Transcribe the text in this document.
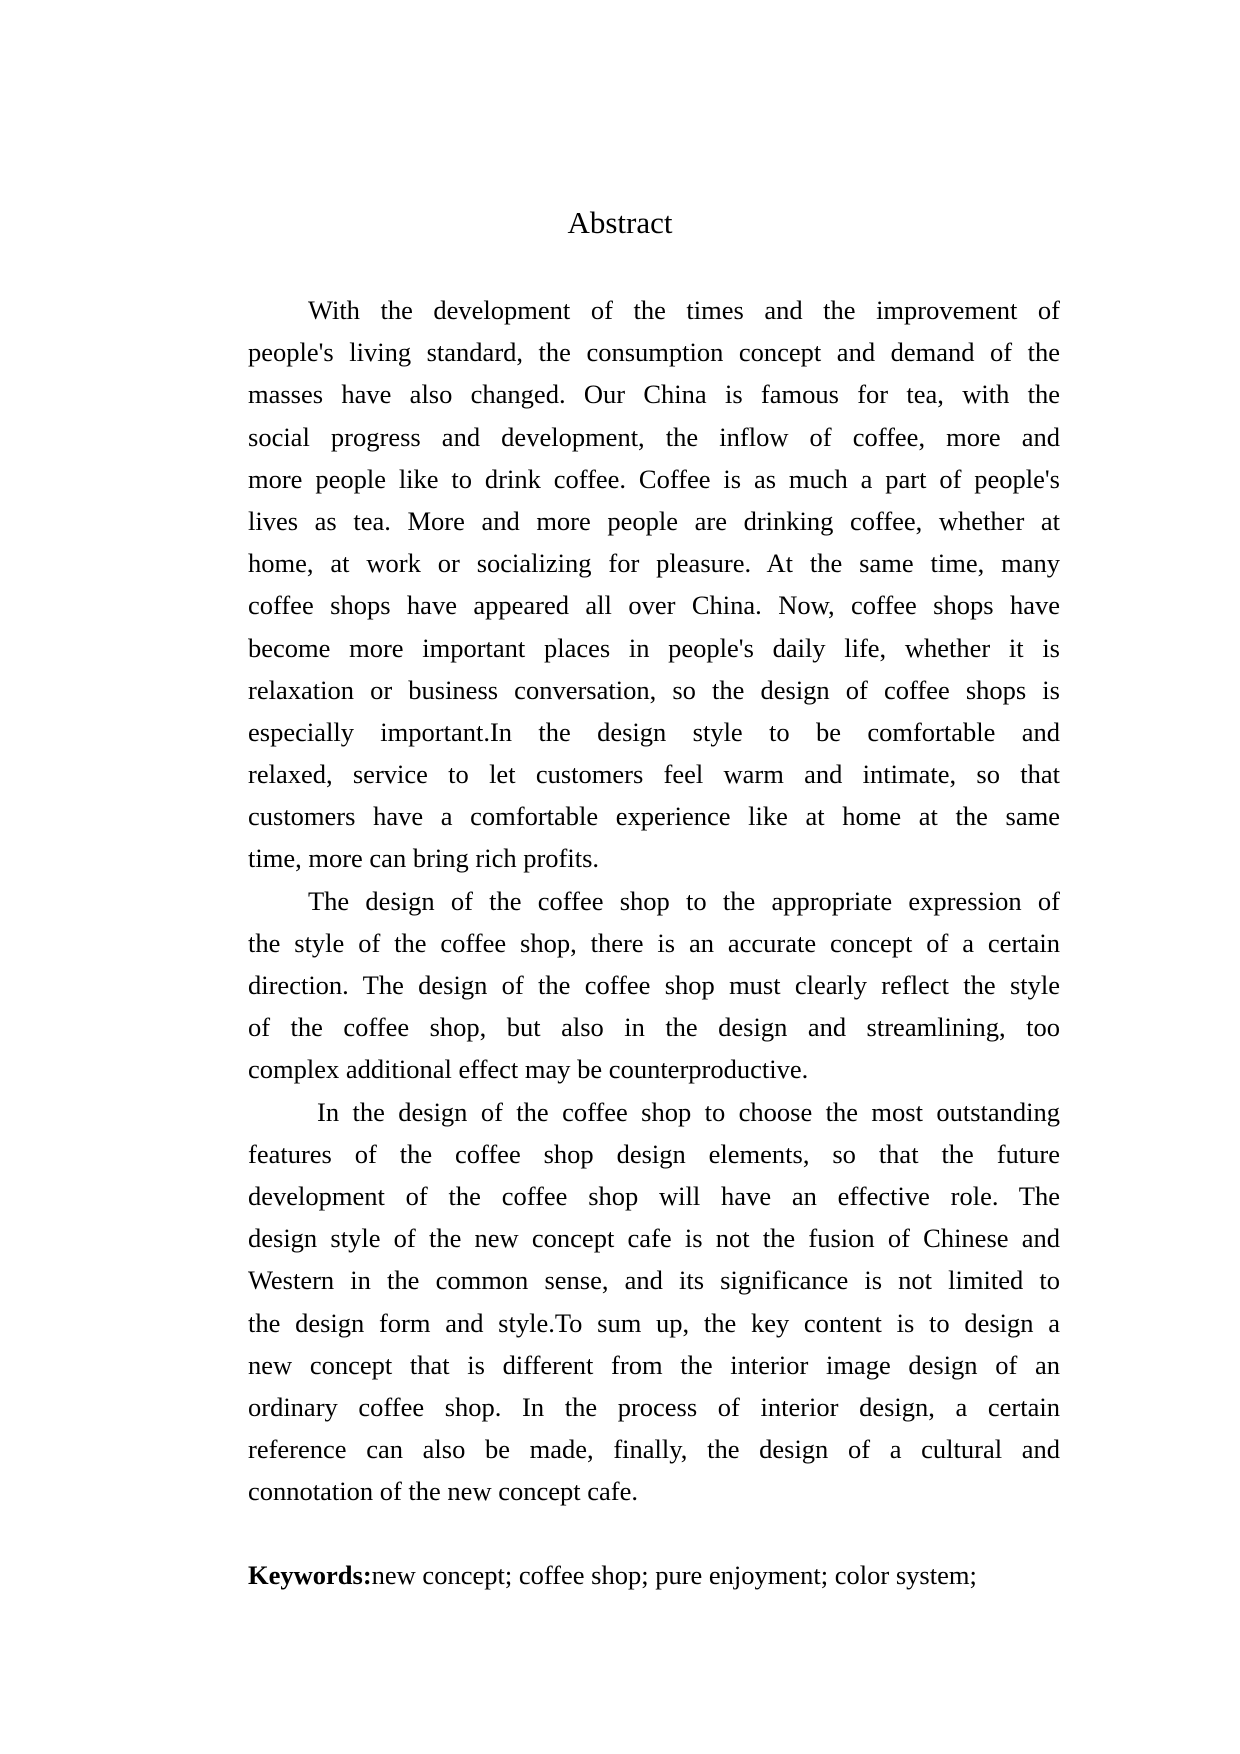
Abstract
With the development of the times and the improvement of
people's living standard, the consumption concept and demand of the
masses have also changed. Our China is famous for tea, with the
social progress and development, the inflow of coffee, more and
more people like to drink coffee. Coffee is as much a part of people's
lives as tea. More and more people are drinking coffee, whether at
home, at work or socializing for pleasure. At the same time, many
coffee shops have appeared all over China. Now, coffee shops have
become more important places in people's daily life, whether it is
relaxation or business conversation, so the design of coffee shops is
especially important.In the design style to be comfortable and
relaxed, service to let customers feel warm and intimate, so that
customers have a comfortable experience like at home at the same
time, more can bring rich profits.
The design of the coffee shop to the appropriate expression of
the style of the coffee shop, there is an accurate concept of a certain
direction. The design of the coffee shop must clearly reflect the style
of the coffee shop, but also in the design and streamlining, too
complex additional effect may be counterproductive.
In the design of the coffee shop to choose the most outstanding
features of the coffee shop design elements, so that the future
development of the coffee shop will have an effective role. The
design style of the new concept cafe is not the fusion of Chinese and
Western in the common sense, and its significance is not limited to
the design form and style.To sum up, the key content is to design a
new concept that is different from the interior image design of an
ordinary coffee shop. In the process of interior design, a certain
reference can also be made, finally, the design of a cultural and
connotation of the new concept cafe.
Keywords:new concept; coffee shop; pure enjoyment; color system;
